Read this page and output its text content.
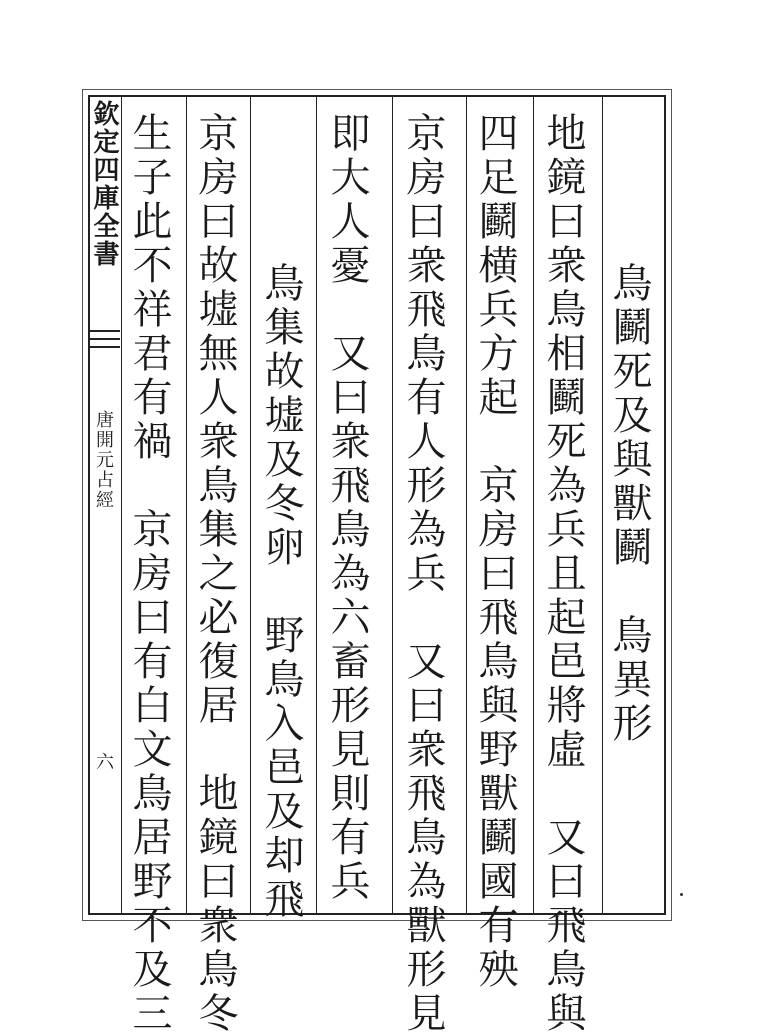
欽定四庫全書
唐開元占經
六
鳥鬬死及與獸鬬　鳥異形
地鏡曰衆鳥相鬬死為兵且起邑將虛　又曰飛鳥與
四足鬬横兵方起　京房曰飛鳥與野獸鬬國有殃
京房曰衆飛鳥有人形為兵　又曰衆飛鳥為獸形見
即大人憂　又曰衆飛鳥為六畜形見則有兵
鳥集故墟及冬卵　野鳥入邑及却飛
京房曰故墟無人衆鳥集之必復居　地鏡曰衆鳥冬
生子此不祥君有禍　京房曰有白文鳥居野不及三
